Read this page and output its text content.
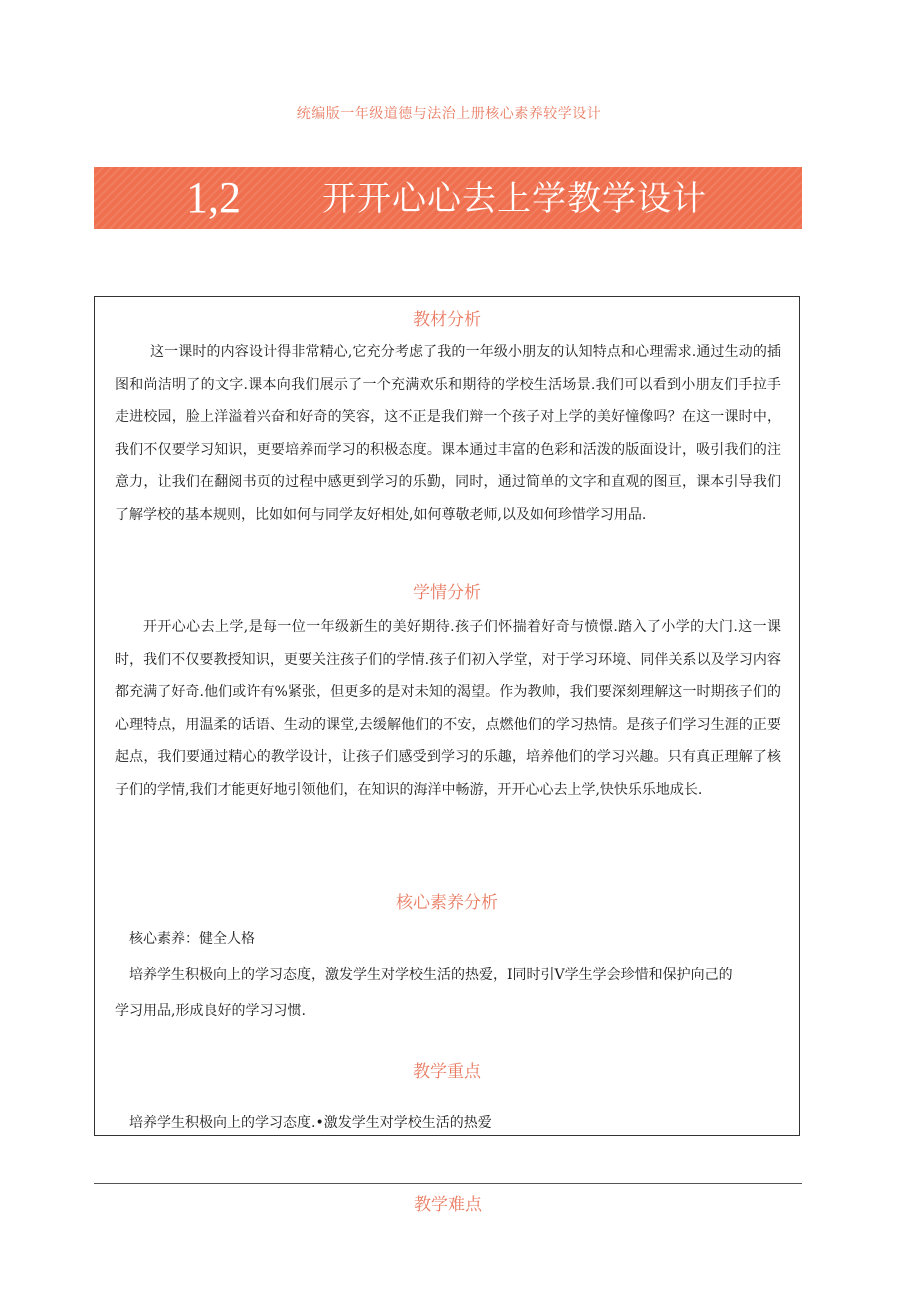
统编版一年级道德与法治上册核心素养较学设计
1,2 开开心心去上学教学设计
教材分析

这一课时的内容设计得非常精心,它充分考虑了我的一年级小朋友的认知特点和心理需求.通过生动的插图和尚洁明了的文字.课本向我们展示了一个充满欢乐和期待的学校生活场景.我们可以看到小朋友们手拉手走进校园，脸上洋溢着兴奋和好奇的笑容，这不正是我们辩一个孩子对上学的美好憧像吗？在这一课时中，我们不仅要学习知识，更要培养而学习的积极态度。课本通过丰富的色彩和活泼的版面设计，吸引我们的注意力，让我们在翻阅书页的过程中感更到学习的乐勤，同时，通过简单的文字和直观的图亘，课本引导我们了解学校的基本规则，比如如何与同学友好相处,如何尊敬老师,以及如何珍惜学习用品.

学情分析

开开心心去上学,是每一位一年级新生的美好期待.孩子们怀揣着好奇与愤憬.踏入了小学的大门.这一课时，我们不仅要教授知识，更要关注孩子们的学情.孩子们初入学堂，对于学习环境、同伴关系以及学习内容都充满了好奇.他们或许有%紧张，但更多的是对未知的渴望。作为教帅，我们要深刻理解这一时期孩子们的心理特点，用温柔的话语、生动的课堂,去缓解他们的不安，点燃他们的学习热情。是孩子们学习生涯的正要起点，我们要通过精心的教学设计，让孩子们感受到学习的乐趣，培养他们的学习兴趣。只有真正理解了核子们的学情,我们才能更好地引领他们，在知识的海洋中畅游，开开心心去上学,快快乐乐地成长.

核心素养分析

核心素养：健全人格

培养学生积极向上的学习态度，激发学生对学校生活的热爱，I同时引V学生学会珍惜和保护向己的

学习用品,形成良好的学习习惯.

教学重点

培养学生积极向上的学习态度.•激发学生对学校生活的热爱

教学难点
